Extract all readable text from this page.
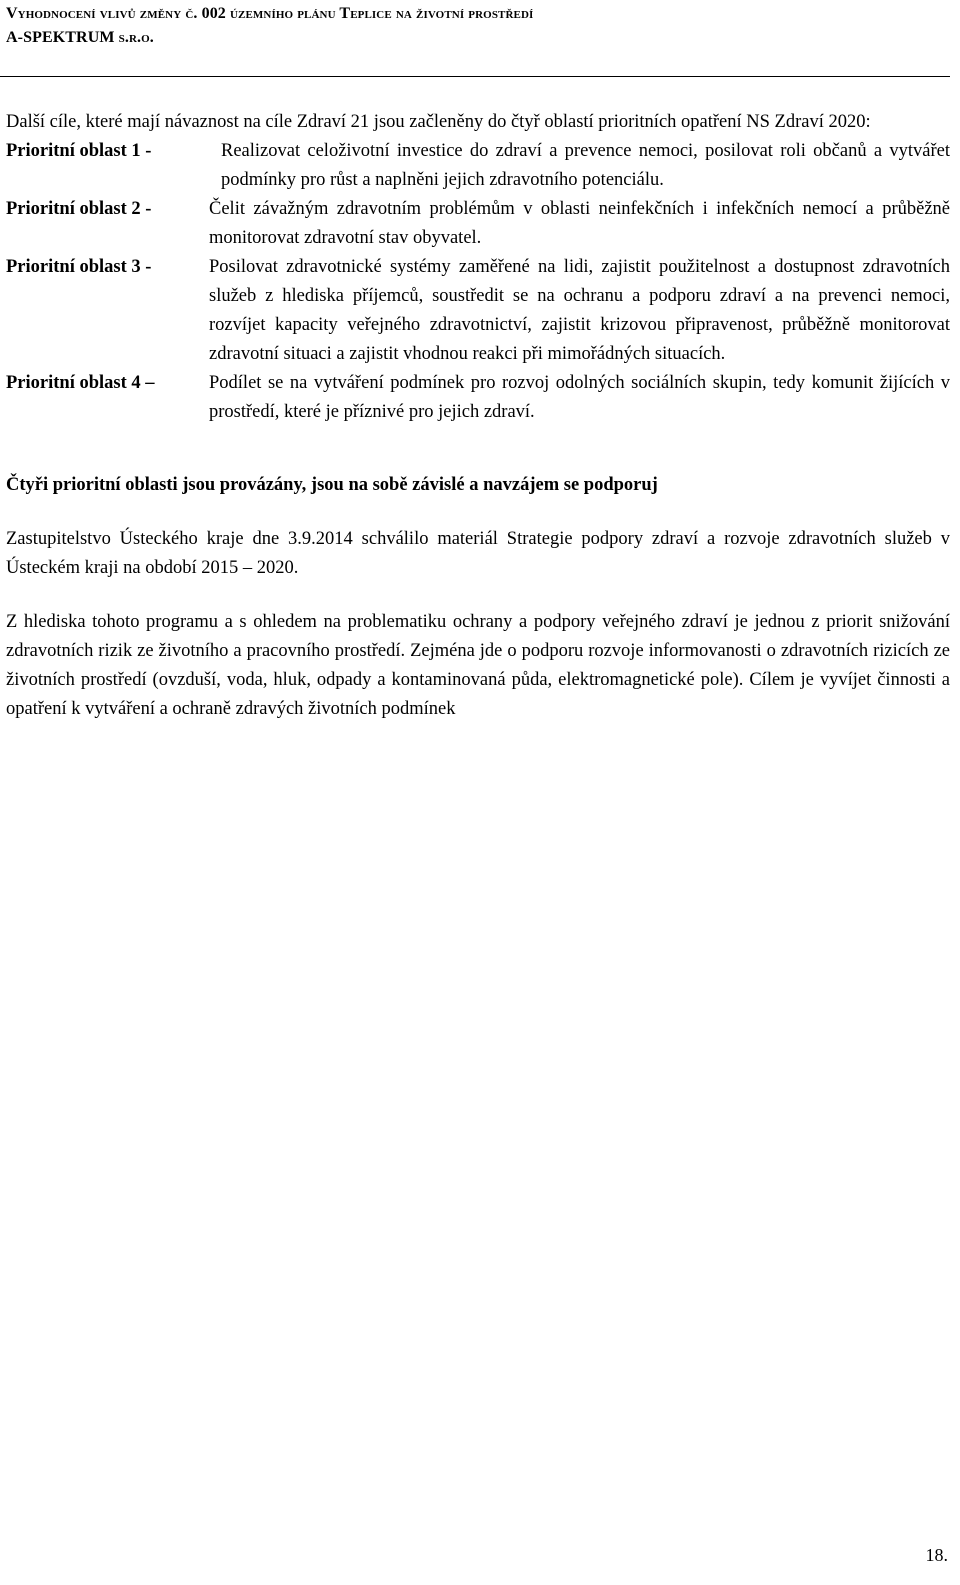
Vyhodnocení vlivů změny č. 002 územního plánu Teplice na životní prostředí
A-SPEKTRUM s.r.o.

Další cíle, které mají návaznost na cíle Zdraví 21 jsou začleněny do čtyř oblastí prioritních opatření NS Zdraví 2020:

Prioritní oblast 1 -	Realizovat celoživotní investice do zdraví a prevence nemoci, posilovat roli občanů a vytvářet podmínky pro růst a naplněni jejich zdravotního potenciálu.

Prioritní oblast 2 -	Čelit závažným zdravotním problémům v oblasti neinfekčních i infekčních nemocí a průběžně monitorovat zdravotní stav obyvatel.

Prioritní oblast 3 -	Posilovat zdravotnické systémy zaměřené na lidi, zajistit použitelnost a dostupnost zdravotních služeb z hlediska příjemců, soustředit se na ochranu a podporu zdraví a na prevenci nemoci, rozvíjet kapacity veřejného zdravotnictví, zajistit krizovou připravenost, průběžně monitorovat zdravotní situaci a zajistit vhodnou reakci při mimořádných situacích.

Prioritní oblast 4 –	Podílet se na vytváření podmínek pro rozvoj odolných sociálních skupin, tedy komunit žijících v prostředí, které je příznivé pro jejich zdraví.

Čtyři prioritní oblasti jsou provázány, jsou na sobě závislé a navzájem se podporuj

Zastupitelstvo Ústeckého kraje dne 3.9.2014 schválilo materiál Strategie podpory zdraví a rozvoje zdravotních služeb v Ústeckém kraji na období 2015 – 2020.

Z hlediska tohoto programu a s ohledem na problematiku ochrany a podpory veřejného zdraví je jednou z priorit snižování zdravotních rizik ze životního a pracovního prostředí. Zejména jde o podporu rozvoje informovanosti o zdravotních rizicích ze životních prostředí (ovzduší, voda, hluk, odpady a kontaminovaná půda, elektromagnetické pole). Cílem je vyvíjet činnosti a opatření k vytváření a ochraně zdravých životních podmínek

18.
